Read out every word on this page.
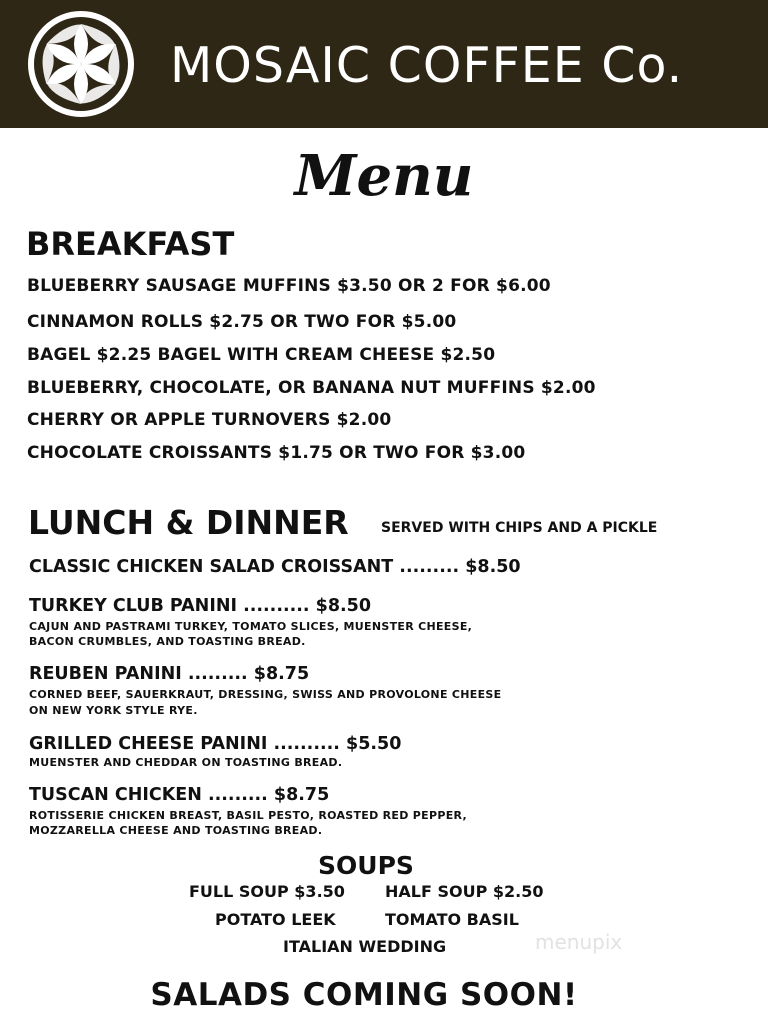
MOSAIC COFFEE Co.
Menu
BREAKFAST
BLUEBERRY SAUSAGE MUFFINS $3.50 OR 2 FOR $6.00
CINNAMON ROLLS $2.75 OR TWO FOR $5.00
BAGEL $2.25 BAGEL WITH CREAM CHEESE $2.50
BLUEBERRY, CHOCOLATE, OR BANANA NUT MUFFINS $2.00
CHERRY OR APPLE TURNOVERS $2.00
CHOCOLATE CROISSANTS $1.75 OR TWO FOR $3.00
LUNCH & DINNER SERVED WITH CHIPS AND A PICKLE
CLASSIC CHICKEN SALAD CROISSANT ......... $8.50
TURKEY CLUB PANINI .......... $8.50
CAJUN AND PASTRAMI TURKEY, TOMATO SLICES, MUENSTER CHEESE,
BACON CRUMBLES, AND TOASTING BREAD.
REUBEN PANINI ......... $8.75
CORNED BEEF, SAUERKRAUT, DRESSING, SWISS AND PROVOLONE CHEESE
ON NEW YORK STYLE RYE.
GRILLED CHEESE PANINI .......... $5.50
MUENSTER AND CHEDDAR ON TOASTING BREAD.
TUSCAN CHICKEN ......... $8.75
ROTISSERIE CHICKEN BREAST, BASIL PESTO, ROASTED RED PEPPER,
MOZZARELLA CHEESE AND TOASTING BREAD.
SOUPS
FULL SOUP $3.50	HALF SOUP $2.50
POTATO LEEK	TOMATO BASIL
ITALIAN WEDDING	menupix
SALADS COMING SOON!
